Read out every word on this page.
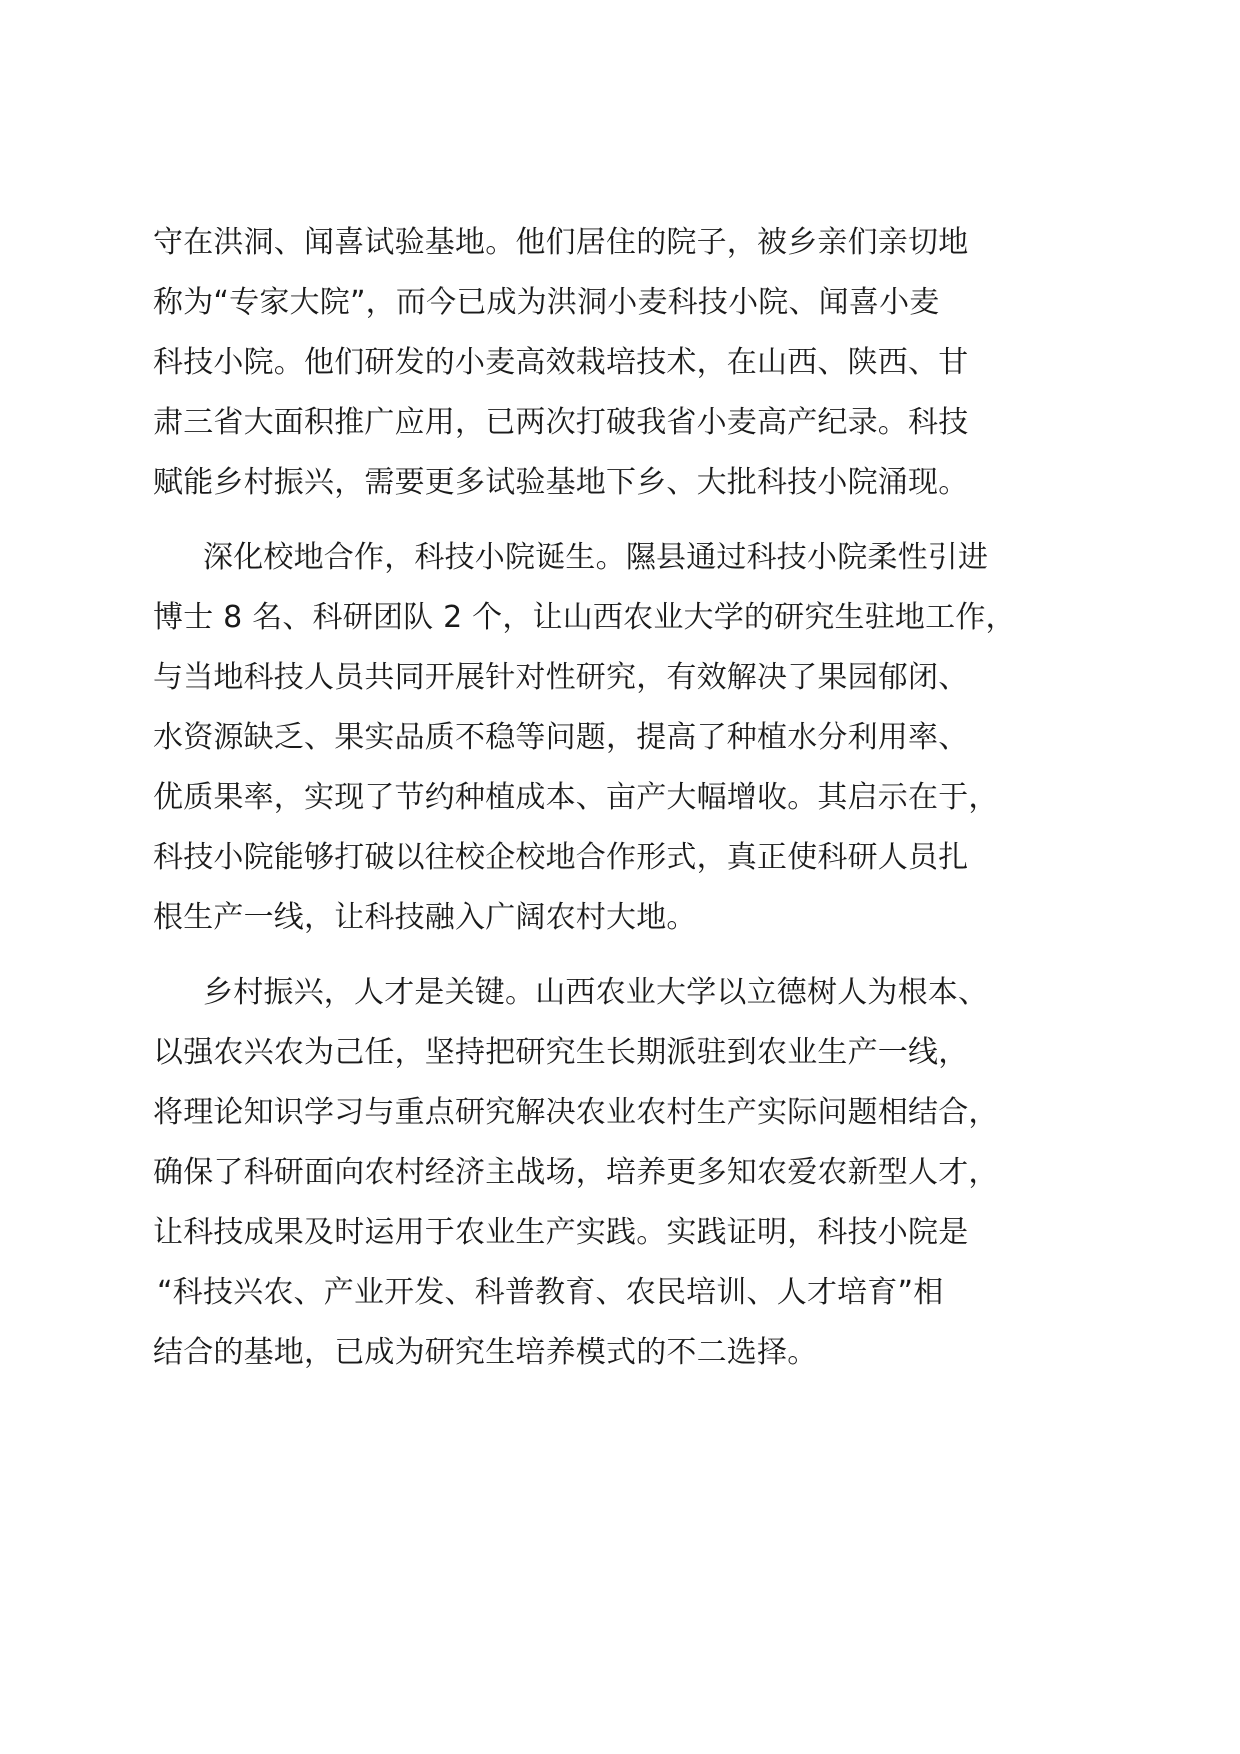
守在洪洞、闻喜试验基地。他们居住的院子，被乡亲们亲切地
称为“专家大院”，而今已成为洪洞小麦科技小院、闻喜小麦
科技小院。他们研发的小麦高效栽培技术，在山西、陕西、甘
肃三省大面积推广应用，已两次打破我省小麦高产纪录。科技
赋能乡村振兴，需要更多试验基地下乡、大批科技小院涌现。
深化校地合作，科技小院诞生。隰县通过科技小院柔性引进
博士 8 名、科研团队 2 个，让山西农业大学的研究生驻地工作，
与当地科技人员共同开展针对性研究，有效解决了果园郁闭、
水资源缺乏、果实品质不稳等问题，提高了种植水分利用率、
优质果率，实现了节约种植成本、亩产大幅增收。其启示在于，
科技小院能够打破以往校企校地合作形式，真正使科研人员扎
根生产一线，让科技融入广阔农村大地。
乡村振兴，人才是关键。山西农业大学以立德树人为根本、
以强农兴农为己任，坚持把研究生长期派驻到农业生产一线，
将理论知识学习与重点研究解决农业农村生产实际问题相结合，
确保了科研面向农村经济主战场，培养更多知农爱农新型人才，
让科技成果及时运用于农业生产实践。实践证明，科技小院是
“科技兴农、产业开发、科普教育、农民培训、人才培育”相
结合的基地，已成为研究生培养模式的不二选择。
